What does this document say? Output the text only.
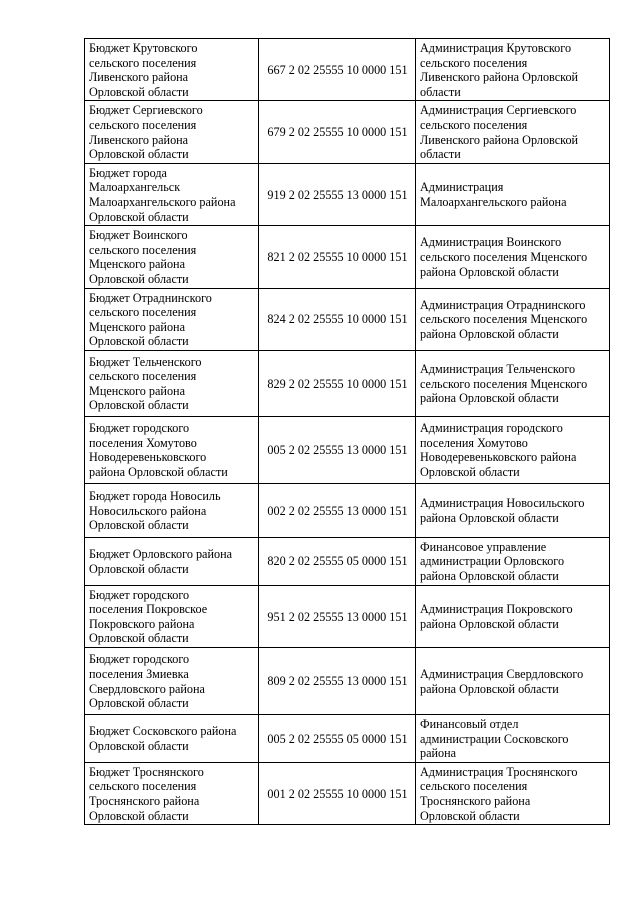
Бюджет Крутовского
сельского поселения
Ливенского района
Орловской области	667 2 02 25555 10 0000 151	Администрация Крутовского
сельского поселения
Ливенского района Орловской
области

Бюджет Сергиевского
сельского поселения
Ливенского района
Орловской области	679 2 02 25555 10 0000 151	Администрация Сергиевского
сельского поселения
Ливенского района Орловской
области

Бюджет города
Малоархангельск
Малоархангельского района
Орловской области	919 2 02 25555 13 0000 151	Администрация
Малоархангельского района

Бюджет Воинского
сельского поселения
Мценского района
Орловской области	821 2 02 25555 10 0000 151	Администрация Воинского
сельского поселения Мценского
района Орловской области

Бюджет Отраднинского
сельского поселения
Мценского района
Орловской области	824 2 02 25555 10 0000 151	Администрация Отраднинского
сельского поселения Мценского
района Орловской области

Бюджет Тельченского
сельского поселения
Мценского района
Орловской области	829 2 02 25555 10 0000 151	Администрация Тельченского
сельского поселения Мценского
района Орловской области

Бюджет городского
поселения Хомутово
Новодеревеньковского
района Орловской области	005 2 02 25555 13 0000 151	Администрация городского
поселения Хомутово
Новодеревеньковского района
Орловской области

Бюджет города Новосиль
Новосильского района
Орловской области	002 2 02 25555 13 0000 151	Администрация Новосильского
района Орловской области

Бюджет Орловского района
Орловской области	820 2 02 25555 05 0000 151	Финансовое управление
администрации Орловского
района Орловской области

Бюджет городского
поселения Покровское
Покровского района
Орловской области	951 2 02 25555 13 0000 151	Администрация Покровского
района Орловской области

Бюджет городского
поселения Змиевка
Свердловского района
Орловской области	809 2 02 25555 13 0000 151	Администрация Свердловского
района Орловской области

Бюджет Сосковского района
Орловской области	005 2 02 25555 05 0000 151	Финансовый отдел
администрации Сосковского
района

Бюджет Троснянского
сельского поселения
Троснянского района
Орловской области	001 2 02 25555 10 0000 151	Администрация Троснянского
сельского поселения
Троснянского района
Орловской области
